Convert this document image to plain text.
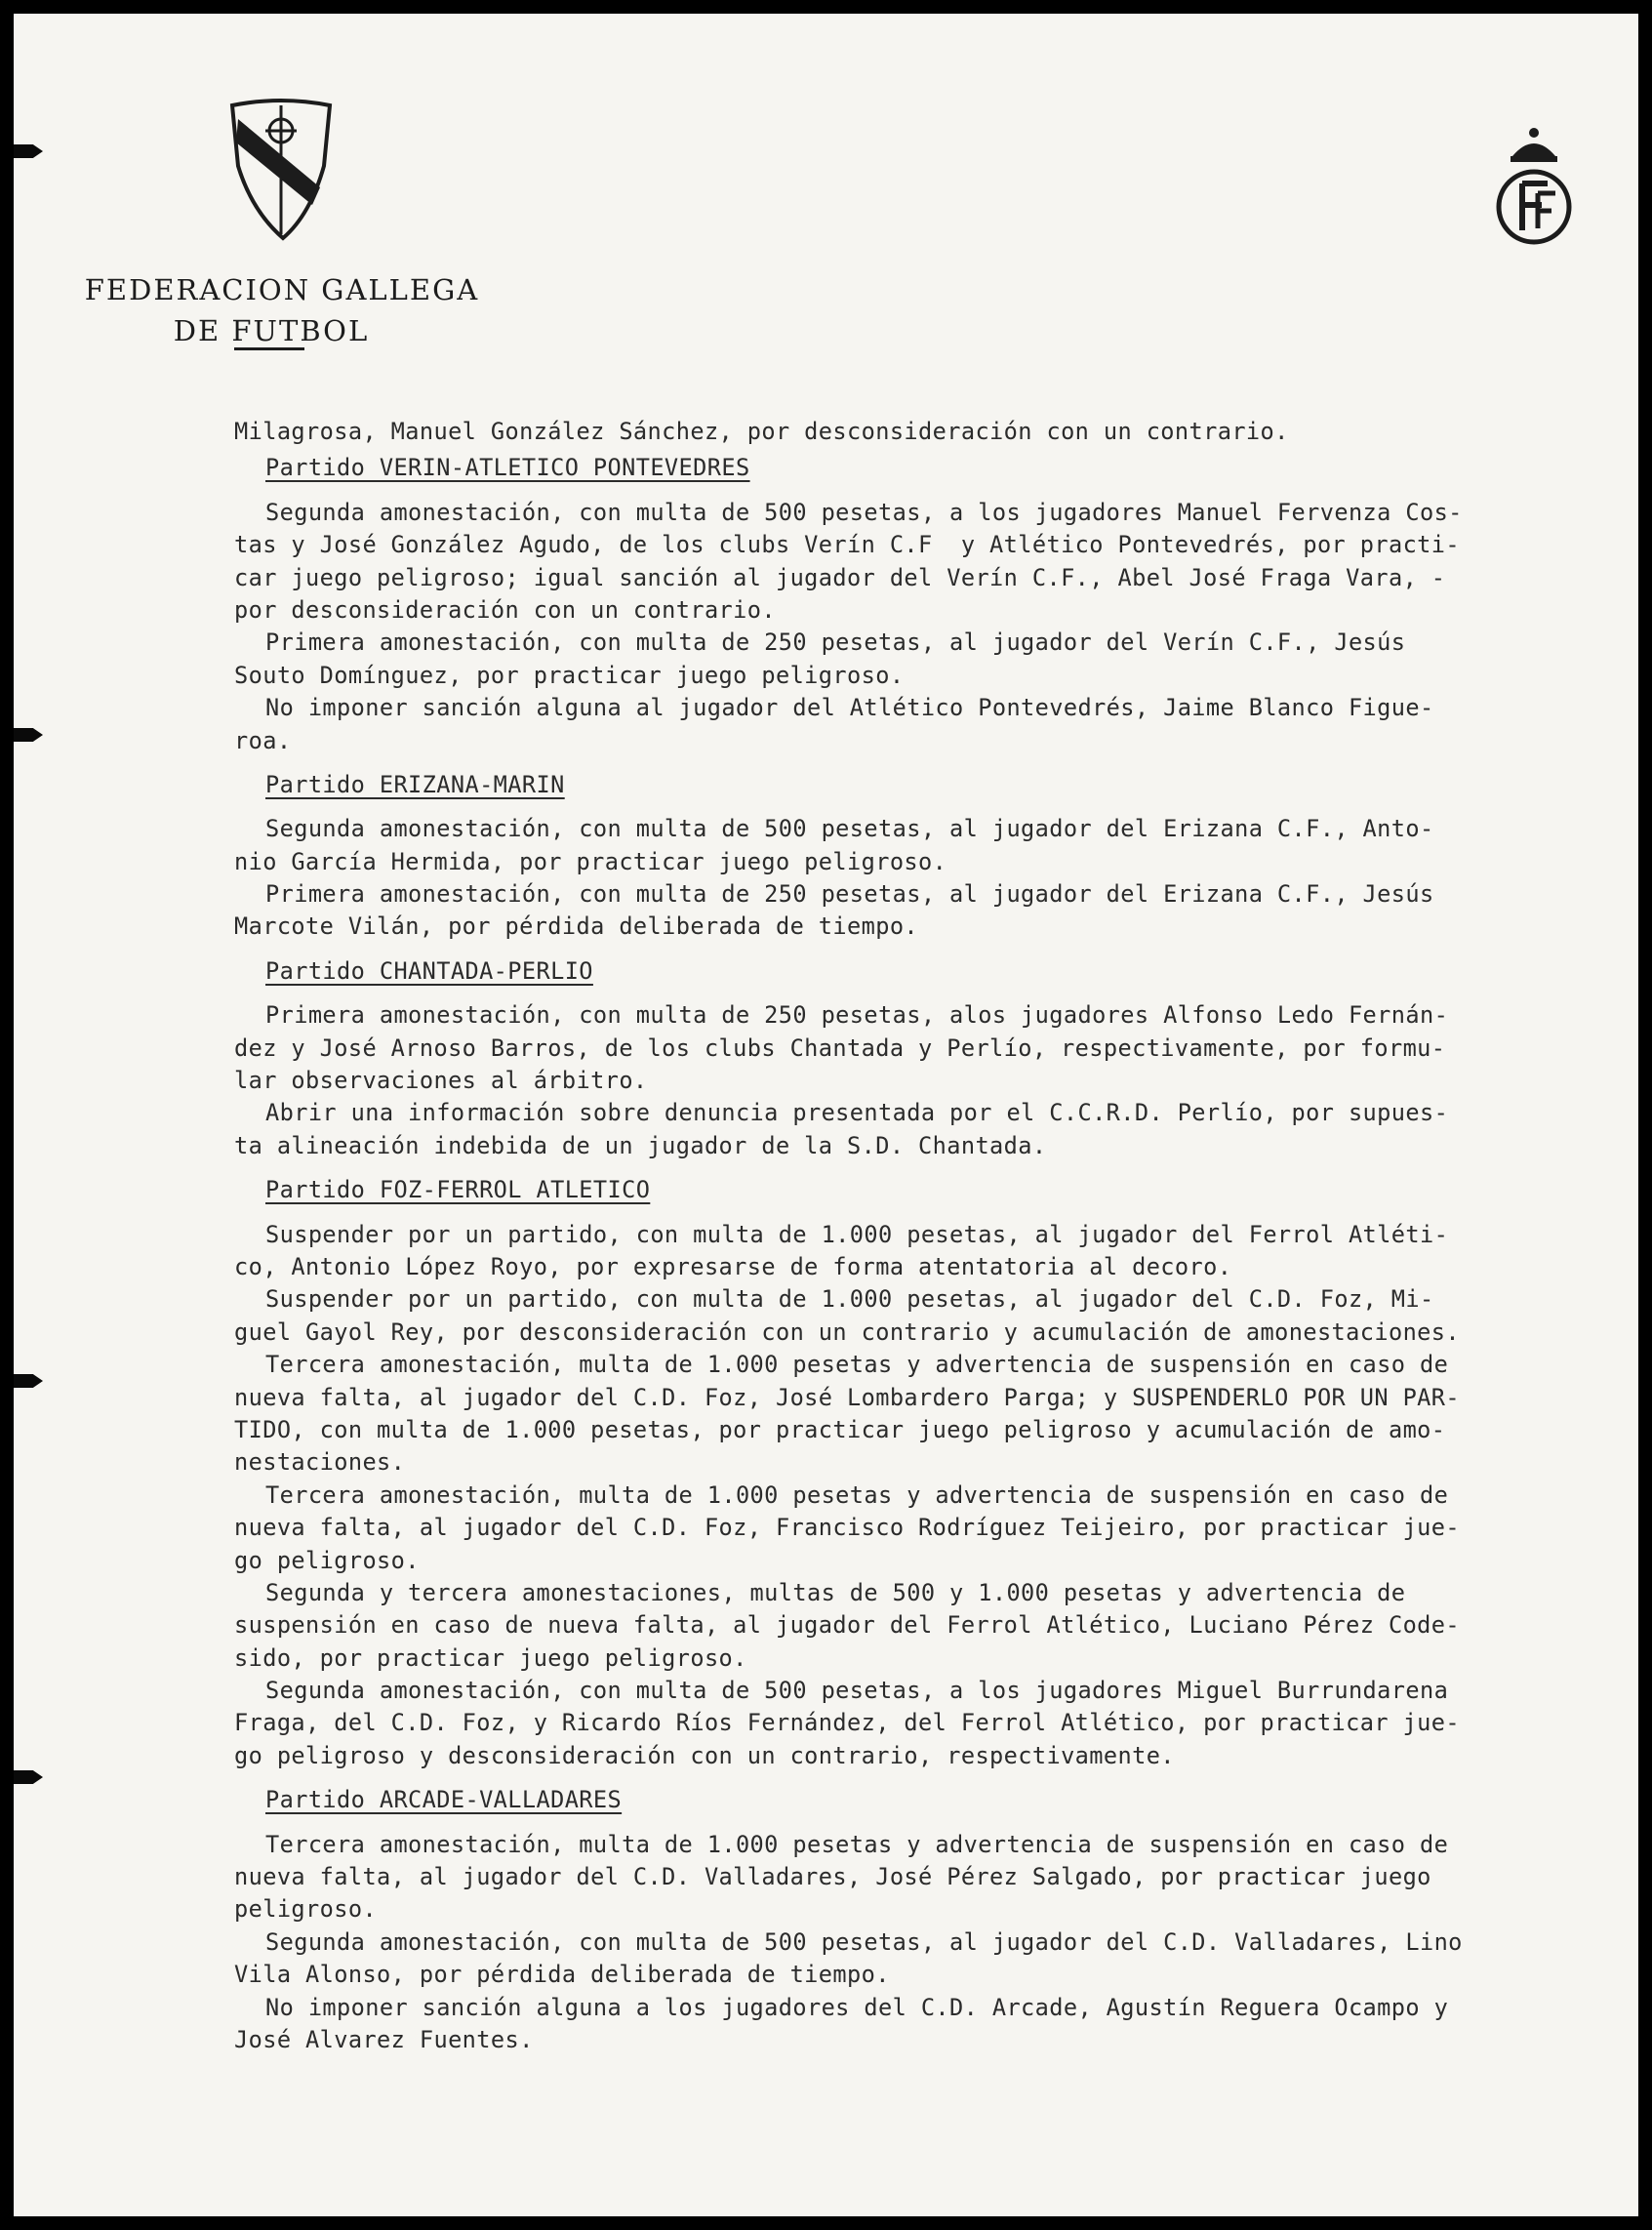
FEDERACION GALLEGA
DE FUTBOL
Milagrosa, Manuel González Sánchez, por desconsideración con un contrario.
Partido VERIN-ATLETICO PONTEVEDRES
Segunda amonestación, con multa de 500 pesetas, a los jugadores Manuel Fervenza Cos-
tas y José González Agudo, de los clubs Verín C.F  y Atlético Pontevedrés, por practi-
car juego peligroso; igual sanción al jugador del Verín C.F., Abel José Fraga Vara, -
por desconsideración con un contrario.
Primera amonestación, con multa de 250 pesetas, al jugador del Verín C.F., Jesús
Souto Domínguez, por practicar juego peligroso.
No imponer sanción alguna al jugador del Atlético Pontevedrés, Jaime Blanco Figue-
roa.
Partido ERIZANA-MARIN
Segunda amonestación, con multa de 500 pesetas, al jugador del Erizana C.F., Anto-
nio García Hermida, por practicar juego peligroso.
Primera amonestación, con multa de 250 pesetas, al jugador del Erizana C.F., Jesús
Marcote Vilán, por pérdida deliberada de tiempo.
Partido CHANTADA-PERLIO
Primera amonestación, con multa de 250 pesetas, alos jugadores Alfonso Ledo Fernán-
dez y José Arnoso Barros, de los clubs Chantada y Perlío, respectivamente, por formu-
lar observaciones al árbitro.
Abrir una información sobre denuncia presentada por el C.C.R.D. Perlío, por supues-
ta alineación indebida de un jugador de la S.D. Chantada.
Partido FOZ-FERROL ATLETICO
Suspender por un partido, con multa de 1.000 pesetas, al jugador del Ferrol Atléti-
co, Antonio López Royo, por expresarse de forma atentatoria al decoro.
Suspender por un partido, con multa de 1.000 pesetas, al jugador del C.D. Foz, Mi-
guel Gayol Rey, por desconsideración con un contrario y acumulación de amonestaciones.
Tercera amonestación, multa de 1.000 pesetas y advertencia de suspensión en caso de
nueva falta, al jugador del C.D. Foz, José Lombardero Parga; y SUSPENDERLO POR UN PAR-
TIDO, con multa de 1.000 pesetas, por practicar juego peligroso y acumulación de amo-
nestaciones.
Tercera amonestación, multa de 1.000 pesetas y advertencia de suspensión en caso de
nueva falta, al jugador del C.D. Foz, Francisco Rodríguez Teijeiro, por practicar jue-
go peligroso.
Segunda y tercera amonestaciones, multas de 500 y 1.000 pesetas y advertencia de
suspensión en caso de nueva falta, al jugador del Ferrol Atlético, Luciano Pérez Code-
sido, por practicar juego peligroso.
Segunda amonestación, con multa de 500 pesetas, a los jugadores Miguel Burrundarena
Fraga, del C.D. Foz, y Ricardo Ríos Fernández, del Ferrol Atlético, por practicar jue-
go peligroso y desconsideración con un contrario, respectivamente.
Partido ARCADE-VALLADARES
Tercera amonestación, multa de 1.000 pesetas y advertencia de suspensión en caso de
nueva falta, al jugador del C.D. Valladares, José Pérez Salgado, por practicar juego
peligroso.
Segunda amonestación, con multa de 500 pesetas, al jugador del C.D. Valladares, Lino
Vila Alonso, por pérdida deliberada de tiempo.
No imponer sanción alguna a los jugadores del C.D. Arcade, Agustín Reguera Ocampo y
José Alvarez Fuentes.
